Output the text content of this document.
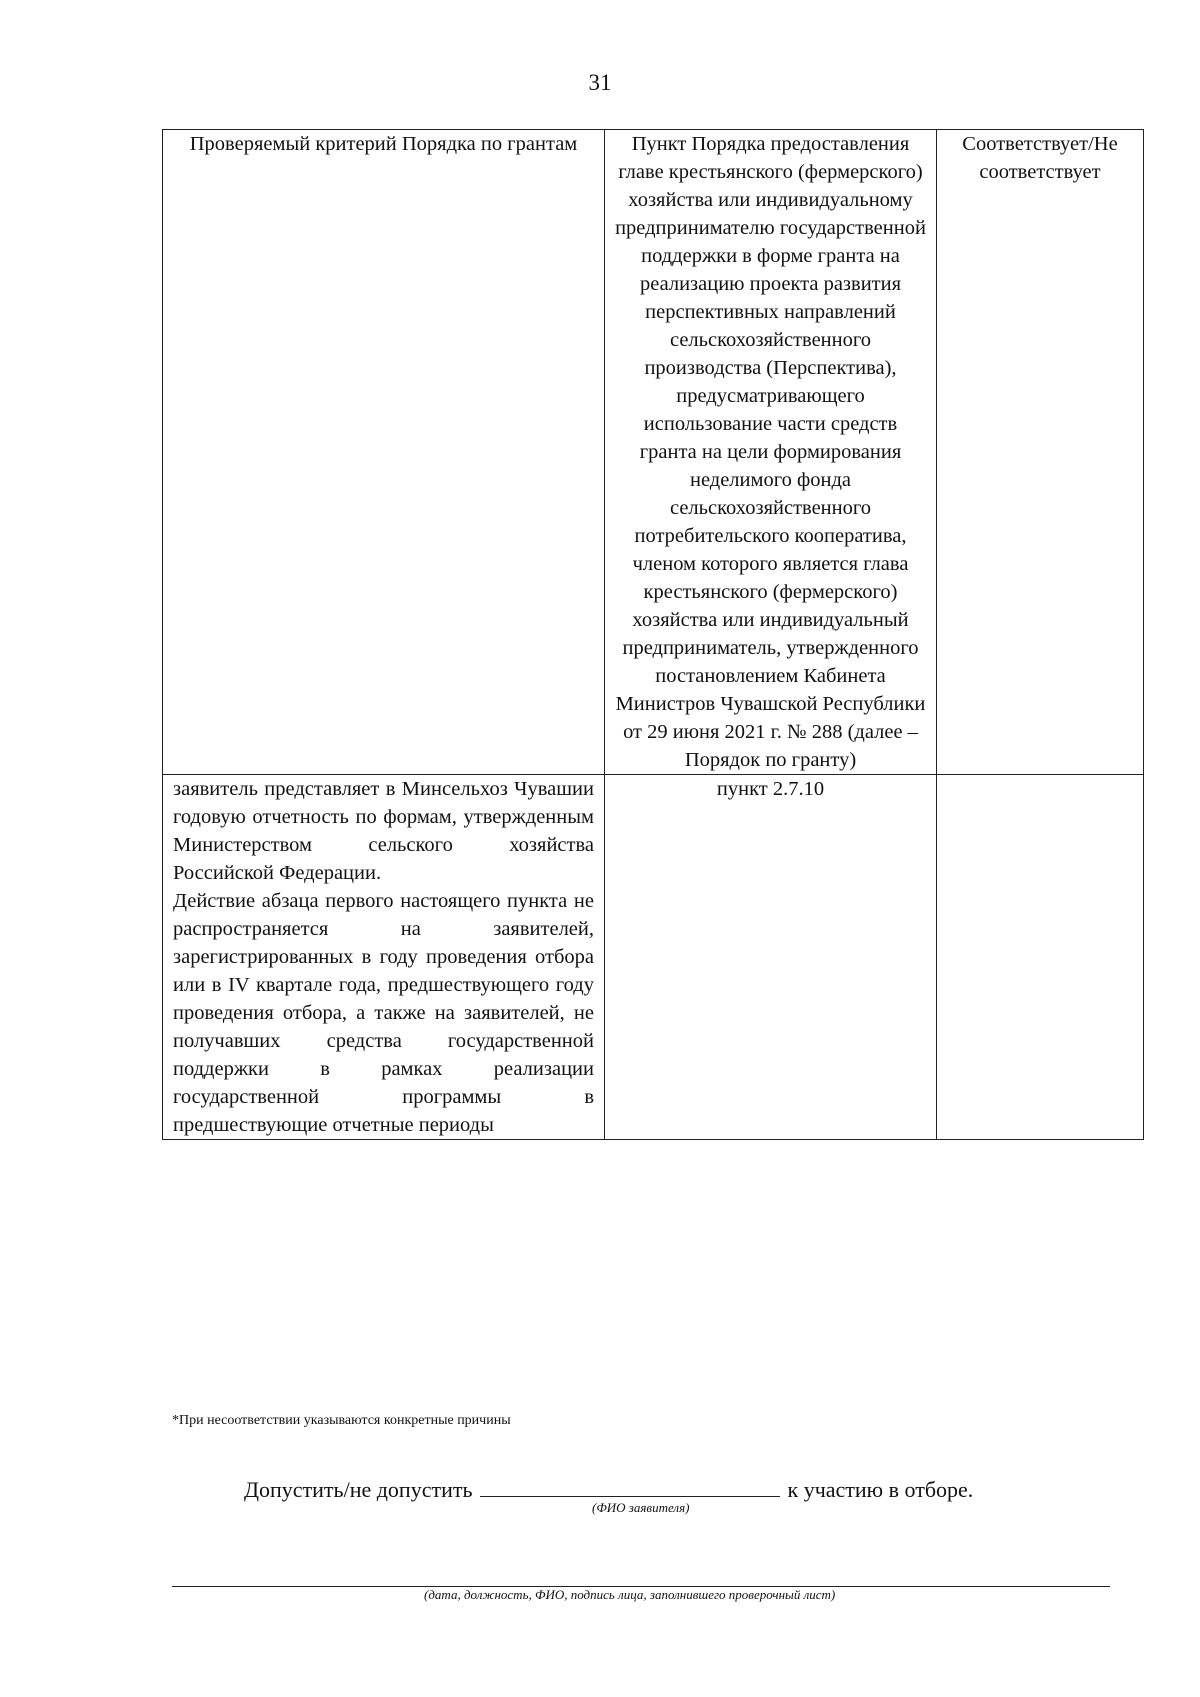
31
Проверяемый критерий Порядка по грантам	Пункт Порядка предоставления главе крестьянского (фермерского) хозяйства или индивидуальному предпринимателю государственной поддержки в форме гранта на реализацию проекта развития перспективных направлений сельскохозяйственного производства (Перспектива), предусматривающего использование части средств гранта на цели формирования неделимого фонда сельскохозяйственного потребительского кооператива, членом которого является глава крестьянского (фермерского) хозяйства или индивидуальный предприниматель, утвержденного постановлением Кабинета Министров Чувашской Республики от 29 июня 2021 г. № 288 (далее – Порядок по гранту)	Соответствует/Не соответствует

заявитель представляет в Минсельхоз Чувашии годовую отчетность по формам, утвержденным Министерством сельского хозяйства Российской Федерации.
Действие абзаца первого настоящего пункта не распространяется на заявителей, зарегистрированных в году проведения отбора или в IV квартале года, предшествующего году проведения отбора, а также на заявителей, не получавших средства государственной поддержки в рамках реализации государственной программы в предшествующие отчетные периоды	пункт 2.7.10	
*При несоответствии указываются конкретные причины
Допустить/не допустить	к участию в отборе.
(ФИО заявителя)
(дата, должность, ФИО, подпись лица, заполнившего проверочный лист)
